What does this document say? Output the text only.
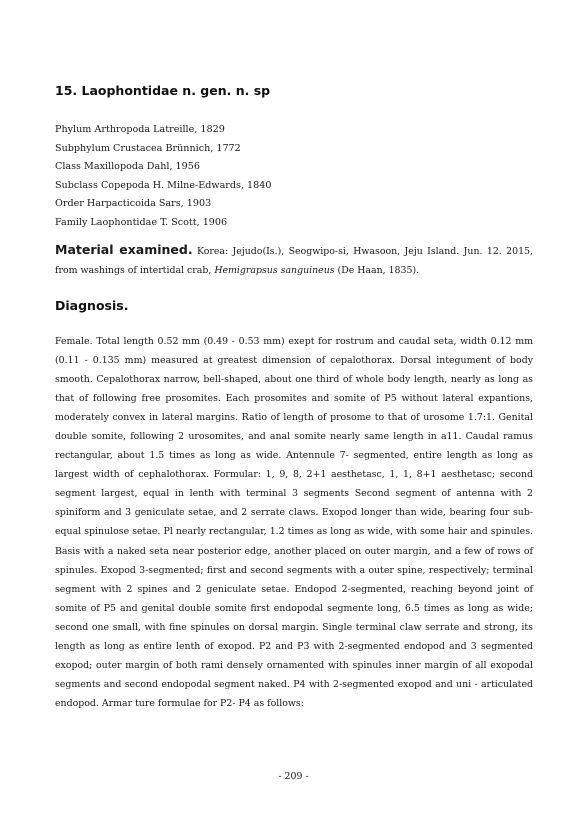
15. Laophontidae n. gen. n. sp
Phylum Arthropoda Latreille, 1829
Subphylum Crustacea Brünnich, 1772
Class Maxillopoda Dahl, 1956
Subclass Copepoda H. Milne-Edwards, 1840
Order Harpacticoida Sars, 1903
Family Laophontidae T. Scott, 1906

Material examined. Korea: Jejudo(Is.), Seogwipo-si, Hwasoon, Jeju Island. Jun. 12. 2015, from washings of intertidal crab, Hemigrapsus sanguineus (De Haan, 1835).

Diagnosis.

Female. Total length 0.52 mm (0.49 - 0.53 mm) exept for rostrum and caudal seta, width 0.12 mm (0.11 - 0.135 mm) measured at greatest dimension of cepalothorax. Dorsal integument of body smooth. Cepalothorax narrow, bell-shaped, about one third of whole body length, nearly as long as that of following free prosomites. Each prosomites and somite of P5 without lateral expantions, moderately convex in lateral margins. Ratio of length of prosome to that of urosome 1.7:1. Genital double somite, following 2 urosomites, and anal somite nearly same length in a11. Caudal ramus rectangular, about 1.5 times as long as wide. Antennule 7- segmented, entire length as long as largest width of cephalothorax. Formular: 1, 9, 8, 2+1 aesthetasc, 1, 1, 8+1 aesthetasc; second segment largest, equal in lenth with terminal 3 segments Second segment of antenna with 2 spiniform and 3 geniculate setae, and 2 serrate claws. Exopod longer than wide, bearing four sub- equal spinulose setae. Pl nearly rectangular, 1.2 times as long as wide, with some hair and spinules. Basis with a naked seta near posterior edge, another placed on outer margin, and a few of rows of spinules. Exopod 3-segmented; first and second segments with a outer spine, respectively; terminal segment with 2 spines and 2 geniculate setae. Endopod 2-segmented, reaching beyond joint of somite of P5 and genital double somite first endopodal segmente long, 6.5 times as long as wide; second one small, with fine spinules on dorsal margin. Single terminal claw serrate and strong, its length as long as entire lenth of exopod. P2 and P3 with 2-segmented endopod and 3 segmented exopod; outer margin of both rami densely ornamented with spinules inner margin of all exopodal segments and second endopodal segment naked. P4 with 2-segmented exopod and uni - articulated endopod. Armar ture formulae for P2- P4 as follows:

- 209 -
